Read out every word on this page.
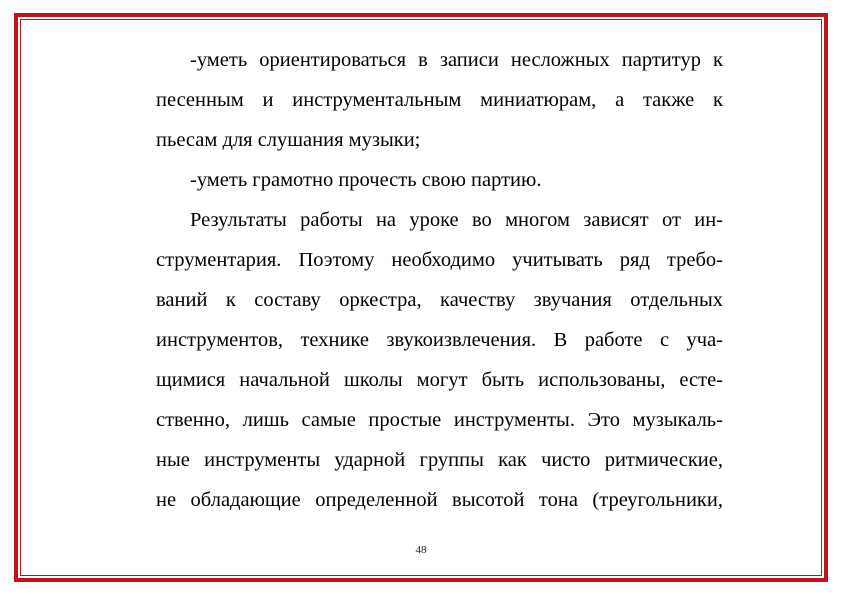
-уметь ориентироваться в записи несложных партитур к
песенным и инструментальным миниатюрам, а также к
пьесам для слушания музыки;
-уметь грамотно прочесть свою партию.
Результаты работы на уроке во многом зависят от ин-
струментария. Поэтому необходимо учитывать ряд требо-
ваний к составу оркестра, качеству звучания отдельных
инструментов, технике звукоизвлечения. В работе с уча-
щимися начальной школы могут быть использованы, есте-
ственно, лишь самые простые инструменты. Это музыкаль-
ные инструменты ударной группы как чисто ритмические,
не обладающие определенной высотой тона (треугольники,
48
